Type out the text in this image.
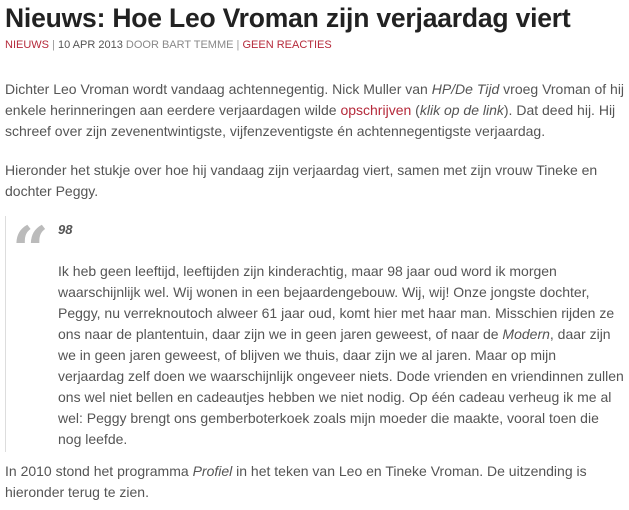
Nieuws: Hoe Leo Vroman zijn verjaardag viert
NIEUWS | 10 APR 2013 DOOR BART TEMME | GEEN REACTIES

Dichter Leo Vroman wordt vandaag achtennegentig. Nick Muller van HP/De Tijd vroeg Vroman of hij enkele herinneringen aan eerdere verjaardagen wilde opschrijven (klik op de link). Dat deed hij. Hij schreef over zijn zevenentwintigste, vijfenzeventigste én achtennegentigste verjaardag.

Hieronder het stukje over hoe hij vandaag zijn verjaardag viert, samen met zijn vrouw Tineke en dochter Peggy.

“ 98

Ik heb geen leeftijd, leeftijden zijn kinderachtig, maar 98 jaar oud word ik morgen waarschijnlijk wel. Wij wonen in een bejaardengebouw. Wij, wij! Onze jongste dochter, Peggy, nu verreknoutoch alweer 61 jaar oud, komt hier met haar man. Misschien rijden ze ons naar de plantentuin, daar zijn we in geen jaren geweest, of naar de Modern, daar zijn we in geen jaren geweest, of blijven we thuis, daar zijn we al jaren. Maar op mijn verjaardag zelf doen we waarschijnlijk ongeveer niets. Dode vrienden en vriendinnen zullen ons wel niet bellen en cadeautjes hebben we niet nodig. Op één cadeau verheug ik me al wel: Peggy brengt ons gemberboterkoek zoals mijn moeder die maakte, vooral toen die nog leefde.

In 2010 stond het programma Profiel in het teken van Leo en Tineke Vroman. De uitzending is hieronder terug te zien.
